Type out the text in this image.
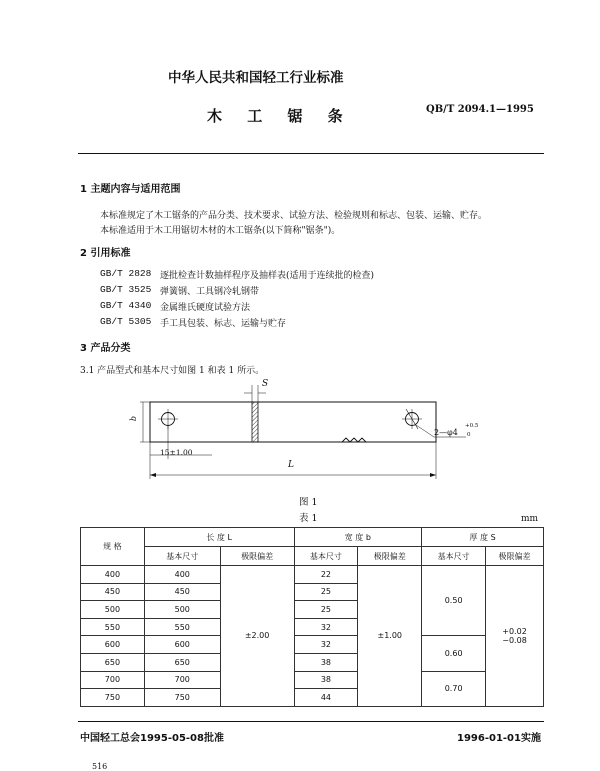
中华人民共和国轻工行业标准
木 工 锯 条	QB/T 2094.1—1995
1 主题内容与适用范围
本标准规定了木工锯条的产品分类、技术要求、试验方法、检验规则和标志、包装、运输、贮存。
本标准适用于木工用锯切木材的木工锯条(以下简称"锯条")。
2 引用标准
GB/T 2828 逐批检查计数抽样程序及抽样表(适用于连续批的检查)
GB/T 3525 弹簧钢、工具钢冷轧钢带
GB/T 4340 金属维氏硬度试验方法
GB/T 5305 手工具包装、标志、运输与贮存
3 产品分类
3.1 产品型式和基本尺寸如图 1 和表 1 所示。
S
b
15±1.00
2—φ4
+0.5
0
L
图 1
表 1	mm
规 格	长 度 L		宽 度 b		厚 度 S	
	基本尺寸	极限偏差	基本尺寸	极限偏差	基本尺寸	极限偏差
400	400	±2.00	22	±1.00	0.50	+0.02
−0.08

450	450		25			
500	500		25			
550	550		32			
600	600		32		0.60	
650	650		38			
700	700		38		0.70	
750	750		44			
中国轻工总会1995-05-08批准	1996-01-01实施
516
